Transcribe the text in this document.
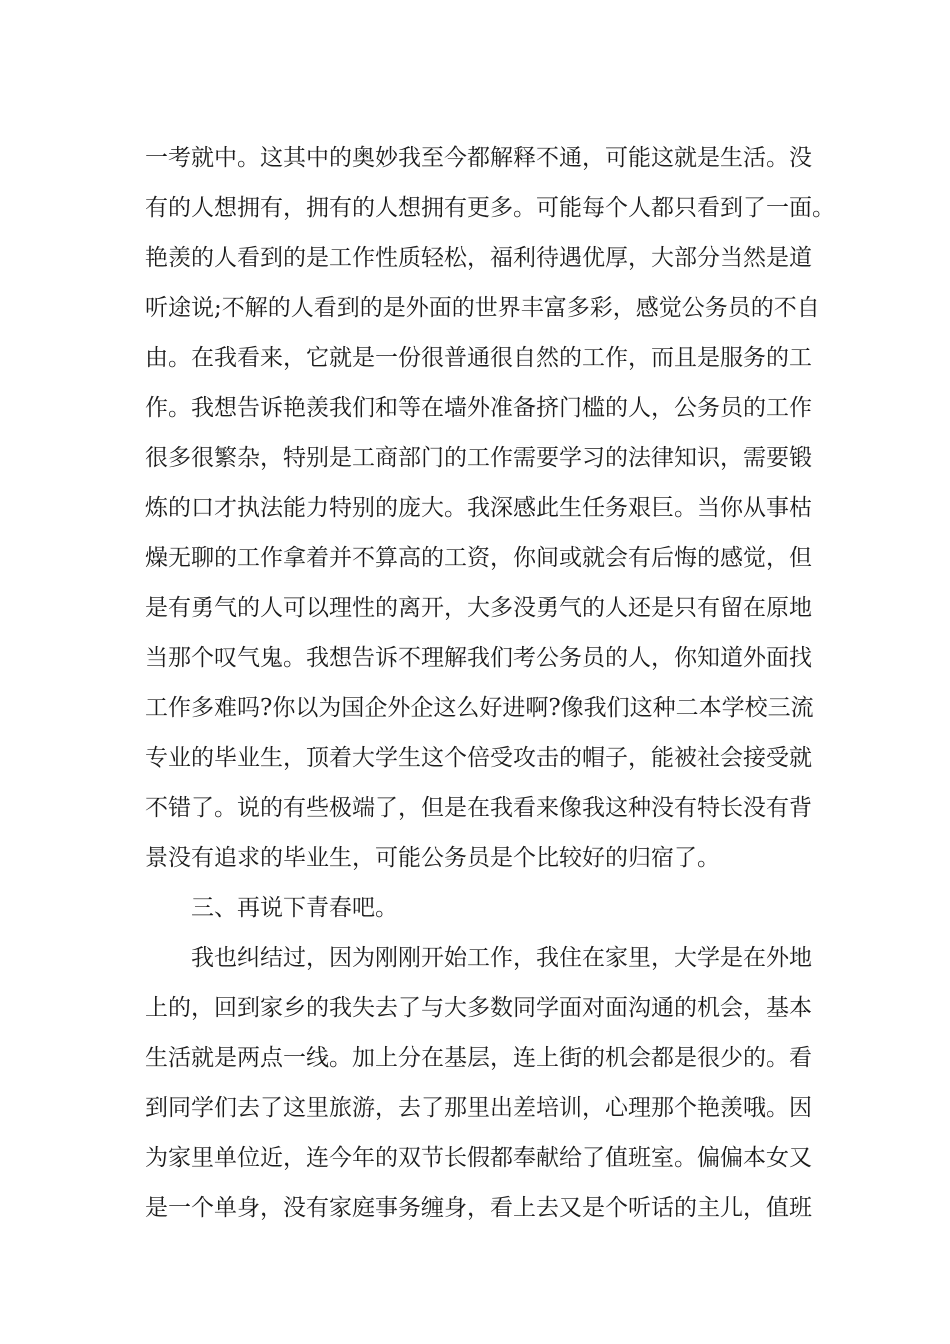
一考就中。这其中的奥妙我至今都解释不通，可能这就是生活。没
有的人想拥有，拥有的人想拥有更多。可能每个人都只看到了一面。
艳羡的人看到的是工作性质轻松，福利待遇优厚，大部分当然是道
听途说;不解的人看到的是外面的世界丰富多彩，感觉公务员的不自
由。在我看来，它就是一份很普通很自然的工作，而且是服务的工
作。我想告诉艳羡我们和等在墙外准备挤门槛的人，公务员的工作
很多很繁杂，特别是工商部门的工作需要学习的法律知识，需要锻
炼的口才执法能力特别的庞大。我深感此生任务艰巨。当你从事枯
燥无聊的工作拿着并不算高的工资，你间或就会有后悔的感觉，但
是有勇气的人可以理性的离开，大多没勇气的人还是只有留在原地
当那个叹气鬼。我想告诉不理解我们考公务员的人，你知道外面找
工作多难吗?你以为国企外企这么好进啊?像我们这种二本学校三流
专业的毕业生，顶着大学生这个倍受攻击的帽子，能被社会接受就
不错了。说的有些极端了，但是在我看来像我这种没有特长没有背
景没有追求的毕业生，可能公务员是个比较好的归宿了。
三、再说下青春吧。
我也纠结过，因为刚刚开始工作，我住在家里，大学是在外地
上的，回到家乡的我失去了与大多数同学面对面沟通的机会，基本
生活就是两点一线。加上分在基层，连上街的机会都是很少的。看
到同学们去了这里旅游，去了那里出差培训，心理那个艳羡哦。因
为家里单位近，连今年的双节长假都奉献给了值班室。偏偏本女又
是一个单身，没有家庭事务缠身，看上去又是个听话的主儿，值班
